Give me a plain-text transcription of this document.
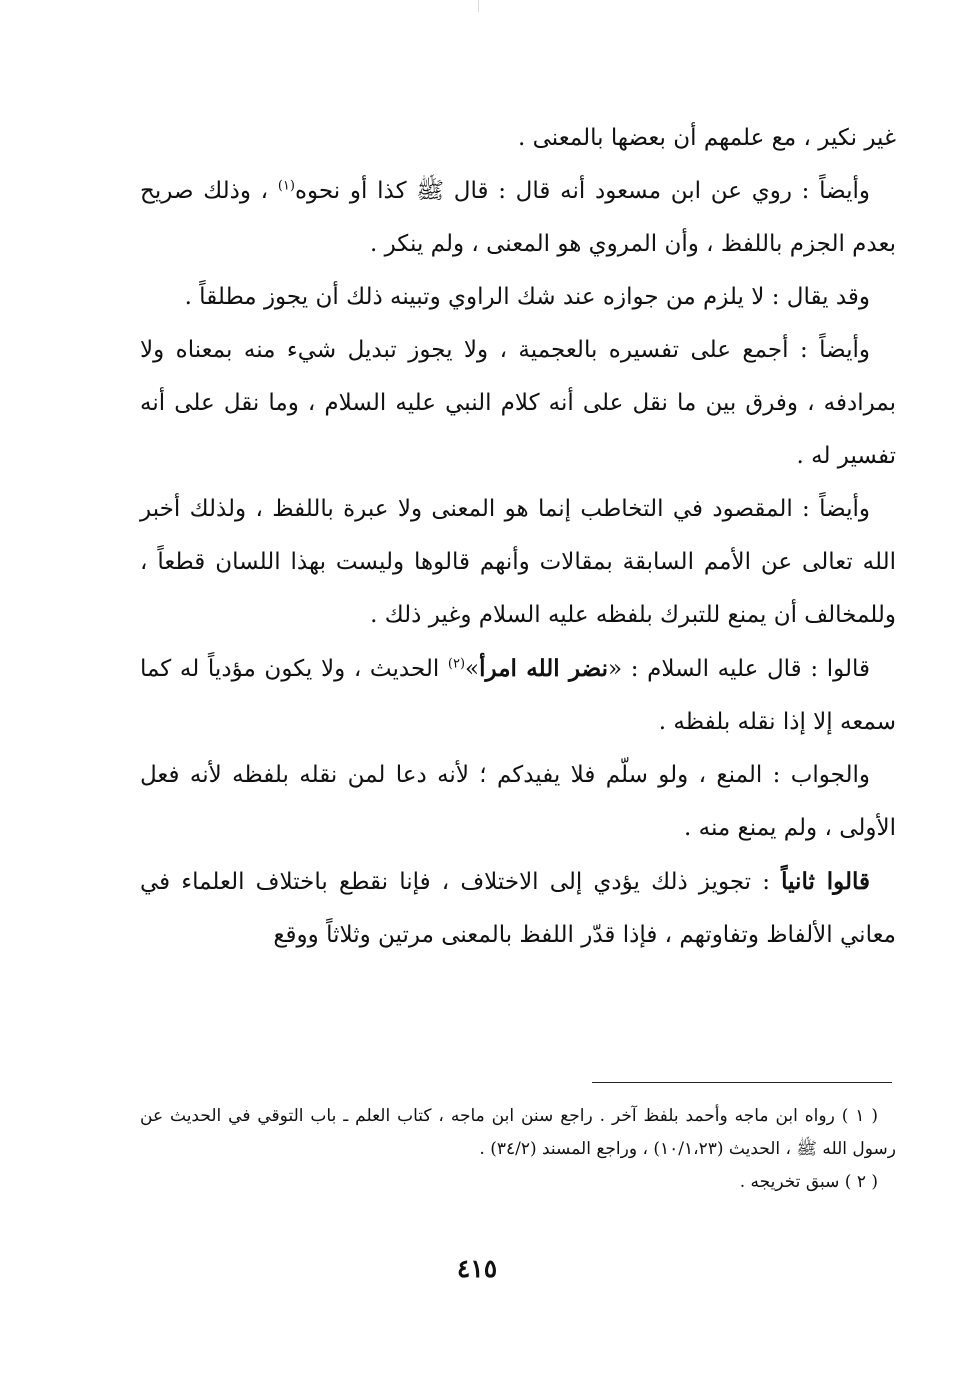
غير نكير ، مع علمهم أن بعضها بالمعنى .

وأيضاً : روي عن ابن مسعود أنه قال : قال ﷺ كذا أو نحوه$^{(١)}$ ، وذلك صريح بعدم الجزم باللفظ ، وأن المروي هو المعنى ، ولم ينكر .

وقد يقال : لا يلزم من جوازه عند شك الراوي وتبينه ذلك أن يجوز مطلقاً .

وأيضاً : أجمع على تفسيره بالعجمية ، ولا يجوز تبديل شيء منه بمعناه ولا بمرادفه ، وفرق بين ما نقل على أنه كلام النبي عليه السلام ، وما نقل على أنه تفسير له .

وأيضاً : المقصود في التخاطب إنما هو المعنى ولا عبرة باللفظ ، ولذلك أخبر الله تعالى عن الأمم السابقة بمقالات وأنهم قالوها وليست بهذا اللسان قطعاً ، وللمخالف أن يمنع للتبرك بلفظه عليه السلام وغير ذلك .

قالوا : قال عليه السلام : «نضر الله امرأ»$^{(٢)}$ الحديث ، ولا يكون مؤدياً له كما سمعه إلا إذا نقله بلفظه .

والجواب : المنع ، ولو سلّم فلا يفيدكم ؛ لأنه دعا لمن نقله بلفظه لأنه فعل الأولى ، ولم يمنع منه .

قالوا ثانياً : تجويز ذلك يؤدي إلى الاختلاف ، فإنا نقطع باختلاف العلماء في معاني الألفاظ وتفاوتهم ، فإذا قدّر اللفظ بالمعنى مرتين وثلاثاً ووقع

( ١ ) رواه ابن ماجه وأحمد بلفظ آخر . راجع سنن ابن ماجه ، كتاب العلم ـ باب التوقي في الحديث عن رسول الله ﷺ ، الحديث (١٠/١،٢٣) ، وراجع المسند (٣٤/٢) .

( ٢ ) سبق تخريجه .

٤١٥
